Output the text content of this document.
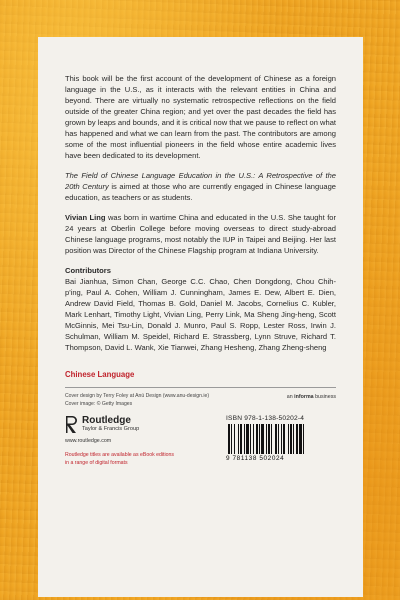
This book will be the first account of the development of Chinese as a foreign language in the U.S., as it interacts with the relevant entities in China and beyond. There are virtually no systematic retrospective reflections on the field outside of the greater China region; and yet over the past decades the field has grown by leaps and bounds, and it is critical now that we pause to reflect on what has happened and what we can learn from the past. The contributors are among some of the most influential pioneers in the field whose entire academic lives have been dedicated to its development.

The Field of Chinese Language Education in the U.S.: A Retrospective of the 20th Century is aimed at those who are currently engaged in Chinese language education, as teachers or as students.

Vivian Ling was born in wartime China and educated in the U.S. She taught for 24 years at Oberlin College before moving overseas to direct study-abroad Chinese language programs, most notably the IUP in Taipei and Beijing. Her last position was Director of the Chinese Flagship program at Indiana University.

Contributors

Bai Jianhua, Simon Chan, George C.C. Chao, Chen Dongdong, Chou Chih-p'ing, Paul A. Cohen, William J. Cunningham, James E. Dew, Albert E. Dien, Andrew David Field, Thomas B. Gold, Daniel M. Jacobs, Cornelius C. Kubler, Mark Lenhart, Timothy Light, Vivian Ling, Perry Link, Ma Sheng Jing-heng, Scott McGinnis, Mei Tsu-Lin, Donald J. Munro, Paul S. Ropp, Lester Ross, Irwin J. Schulman, William M. Speidel, Richard E. Strassberg, Lynn Struve, Richard T. Thompson, David L. Wank, Xie Tianwei, Zhang Hesheng, Zhang Zheng-sheng

Chinese Language
Cover design by Terry Foley at Anú Design (www.anu-design.ie)
Cover image: © Getty Images
an informa business
Routledge
Taylor & Francis Group
www.routledge.com
Routledge titles are available as eBook editions
in a range of digital formats
ISBN 978-1-138-50202-4
9 781138 502024
